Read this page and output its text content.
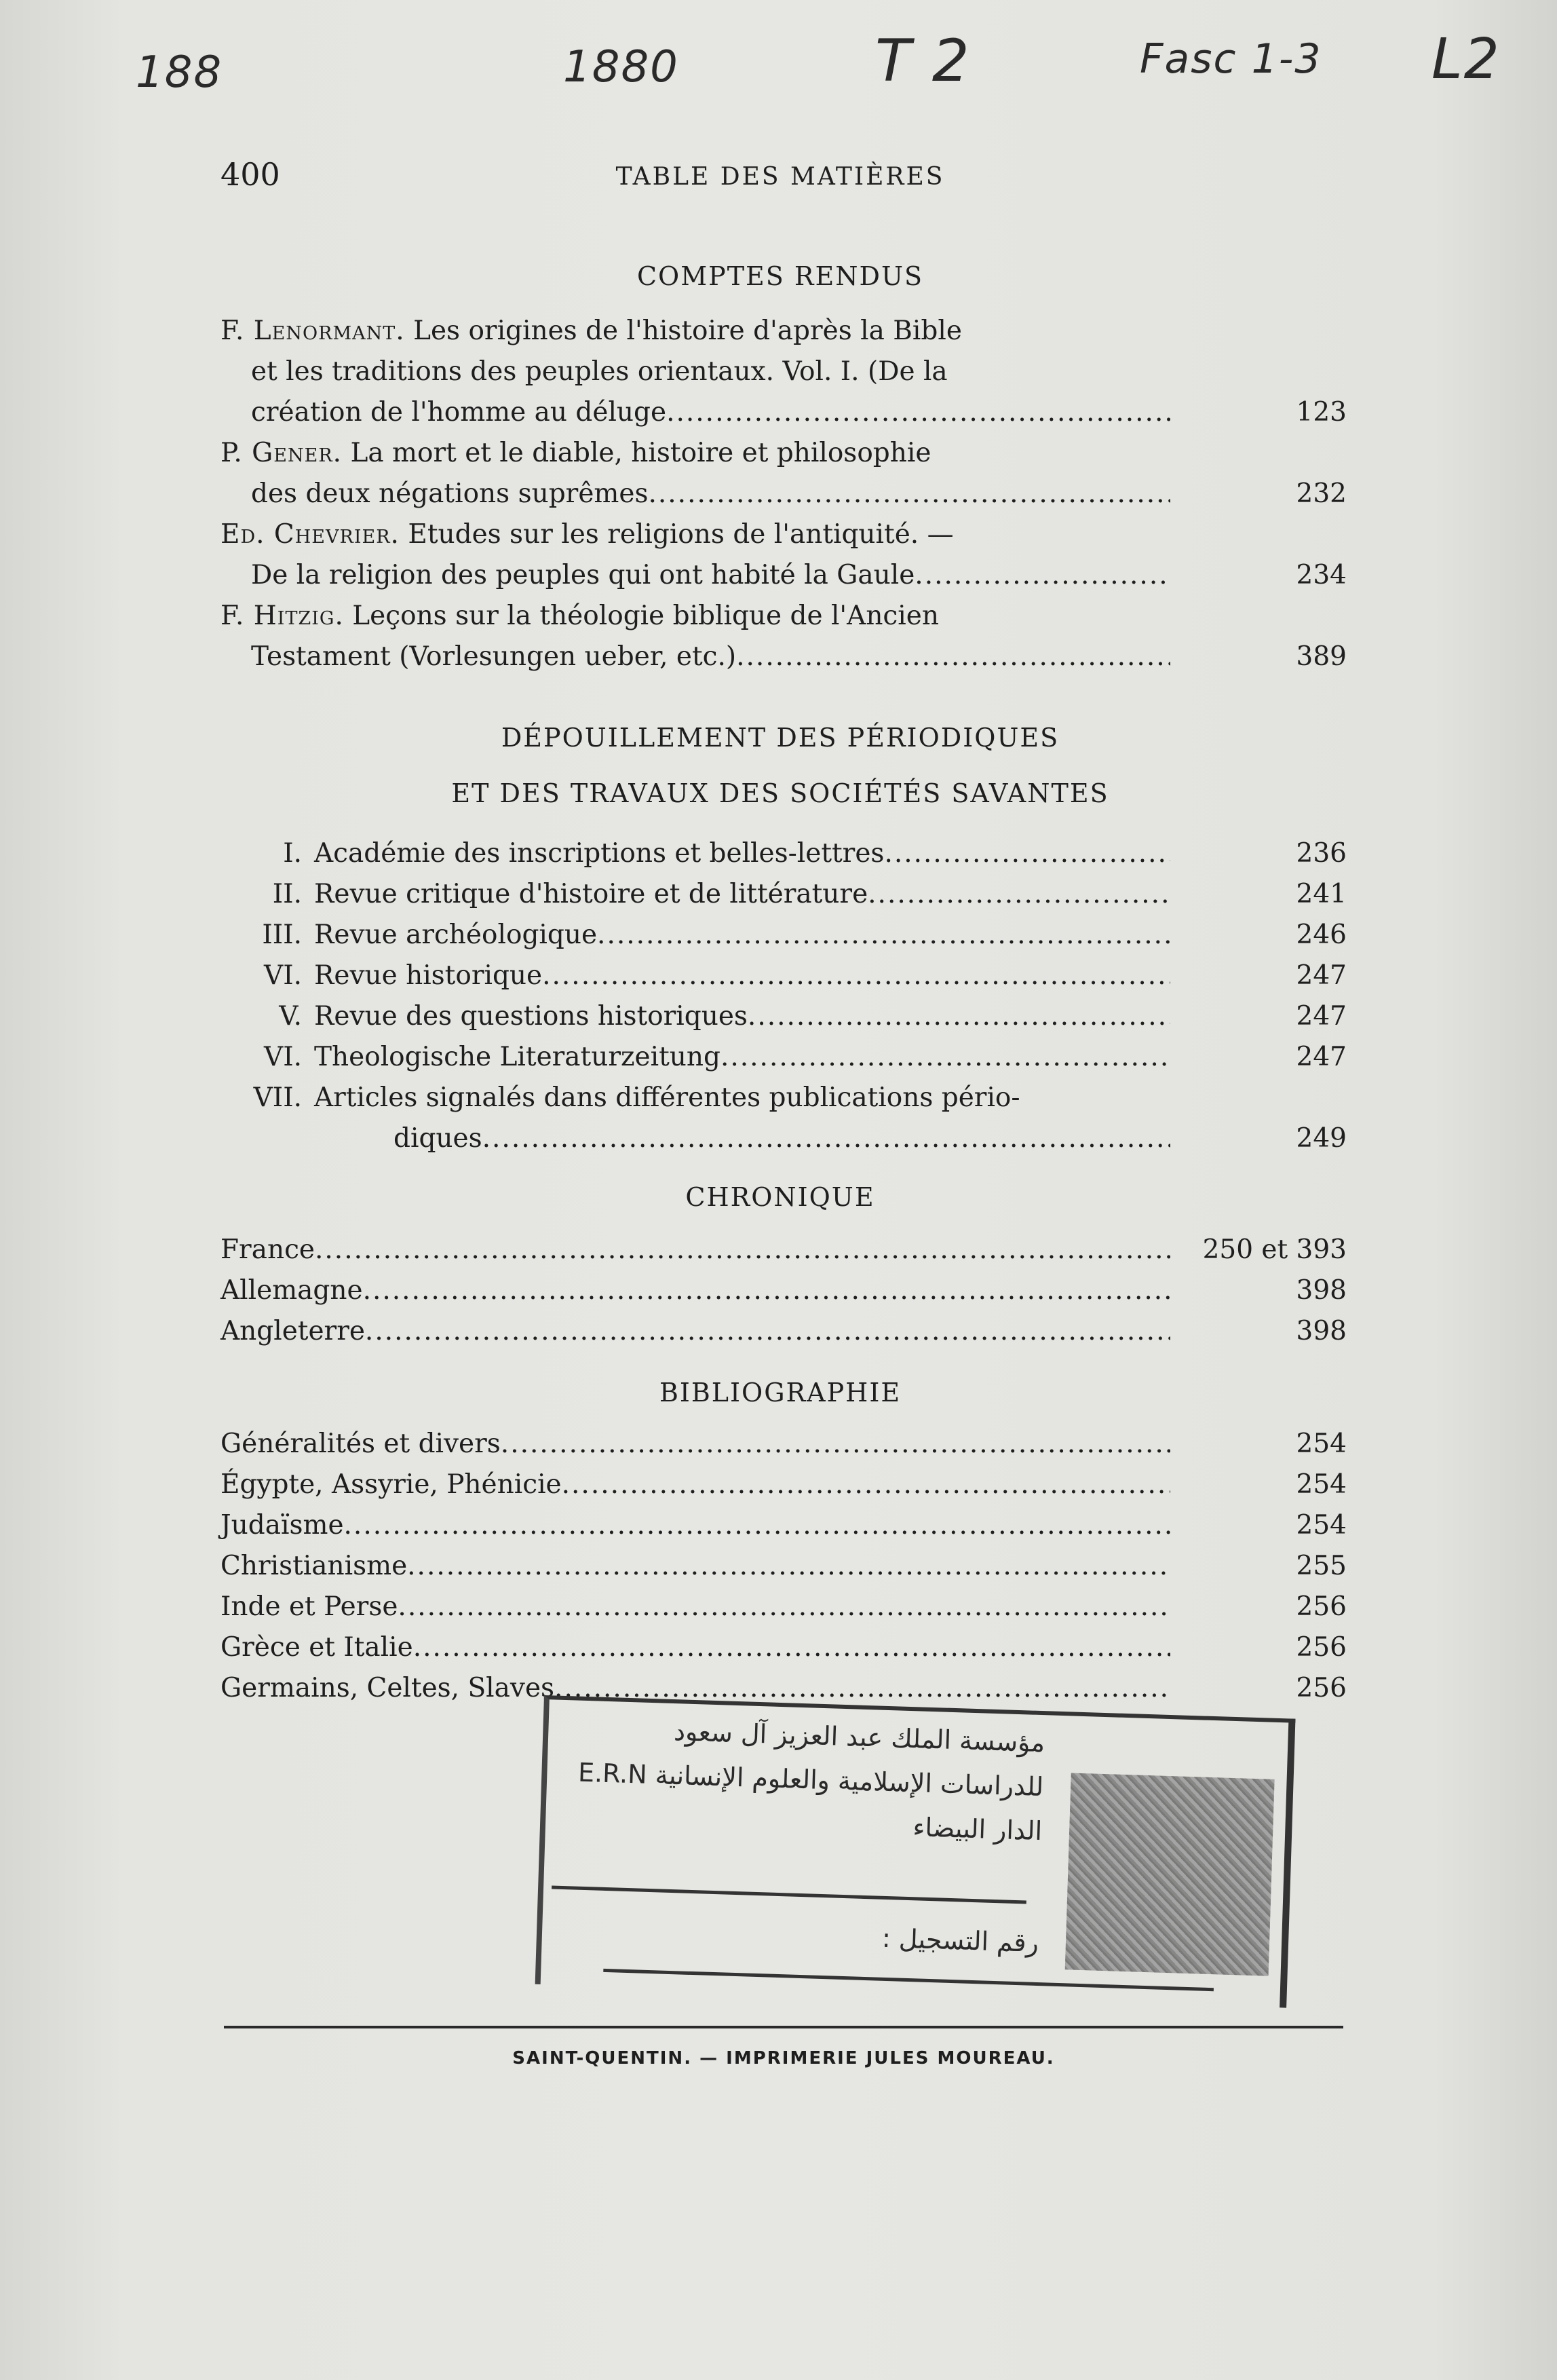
188	1880	T 2	Fasc 1-3 L2
400	TABLE DES MATIÈRES
COMPTES RENDUS
F. Lenormant. Les origines de l'histoire d'après la Bible
et les traditions des peuples orientaux. Vol. I. (De la
création de l'homme au déluge .....	123
P. Gener. La mort et le diable, histoire et philosophie
des deux négations suprêmes .....	232
Ed. Chevrier. Etudes sur les religions de l'antiquité. —
De la religion des peuples qui ont habité la Gaule .....	234
F. Hitzig. Leçons sur la théologie biblique de l'Ancien
Testament (Vorlesungen ueber, etc.) .....	389
DÉPOUILLEMENT DES PÉRIODIQUES
ET DES TRAVAUX DES SOCIÉTÉS SAVANTES
I. Académie des inscriptions et belles-lettres .....	236
II. Revue critique d'histoire et de littérature .....	241
III. Revue archéologique .....	246
VI. Revue historique .....	247
V. Revue des questions historiques .....	247
VI. Theologische Literaturzeitung .....	247
VII. Articles signalés dans différentes publications pério-
diques .....	249
CHRONIQUE
France .....	250 et 393
Allemagne .....	398
Angleterre .....	398
BIBLIOGRAPHIE
Généralités et divers .....	254
Égypte, Assyrie, Phénicie .....	254
Judaïsme .....	254
Christianisme .....	255
Inde et Perse .....	256
Grèce et Italie .....	256
Germains, Celtes, Slaves .....	256
مؤسسة الملك عبد العزيز آل سعود
للدراسات الإسلامية والعلوم الإنسانية E.R.N
الدار البيضاء
رقم التسجيل :
SAINT-QUENTIN. — IMPRIMERIE JULES MOUREAU.
